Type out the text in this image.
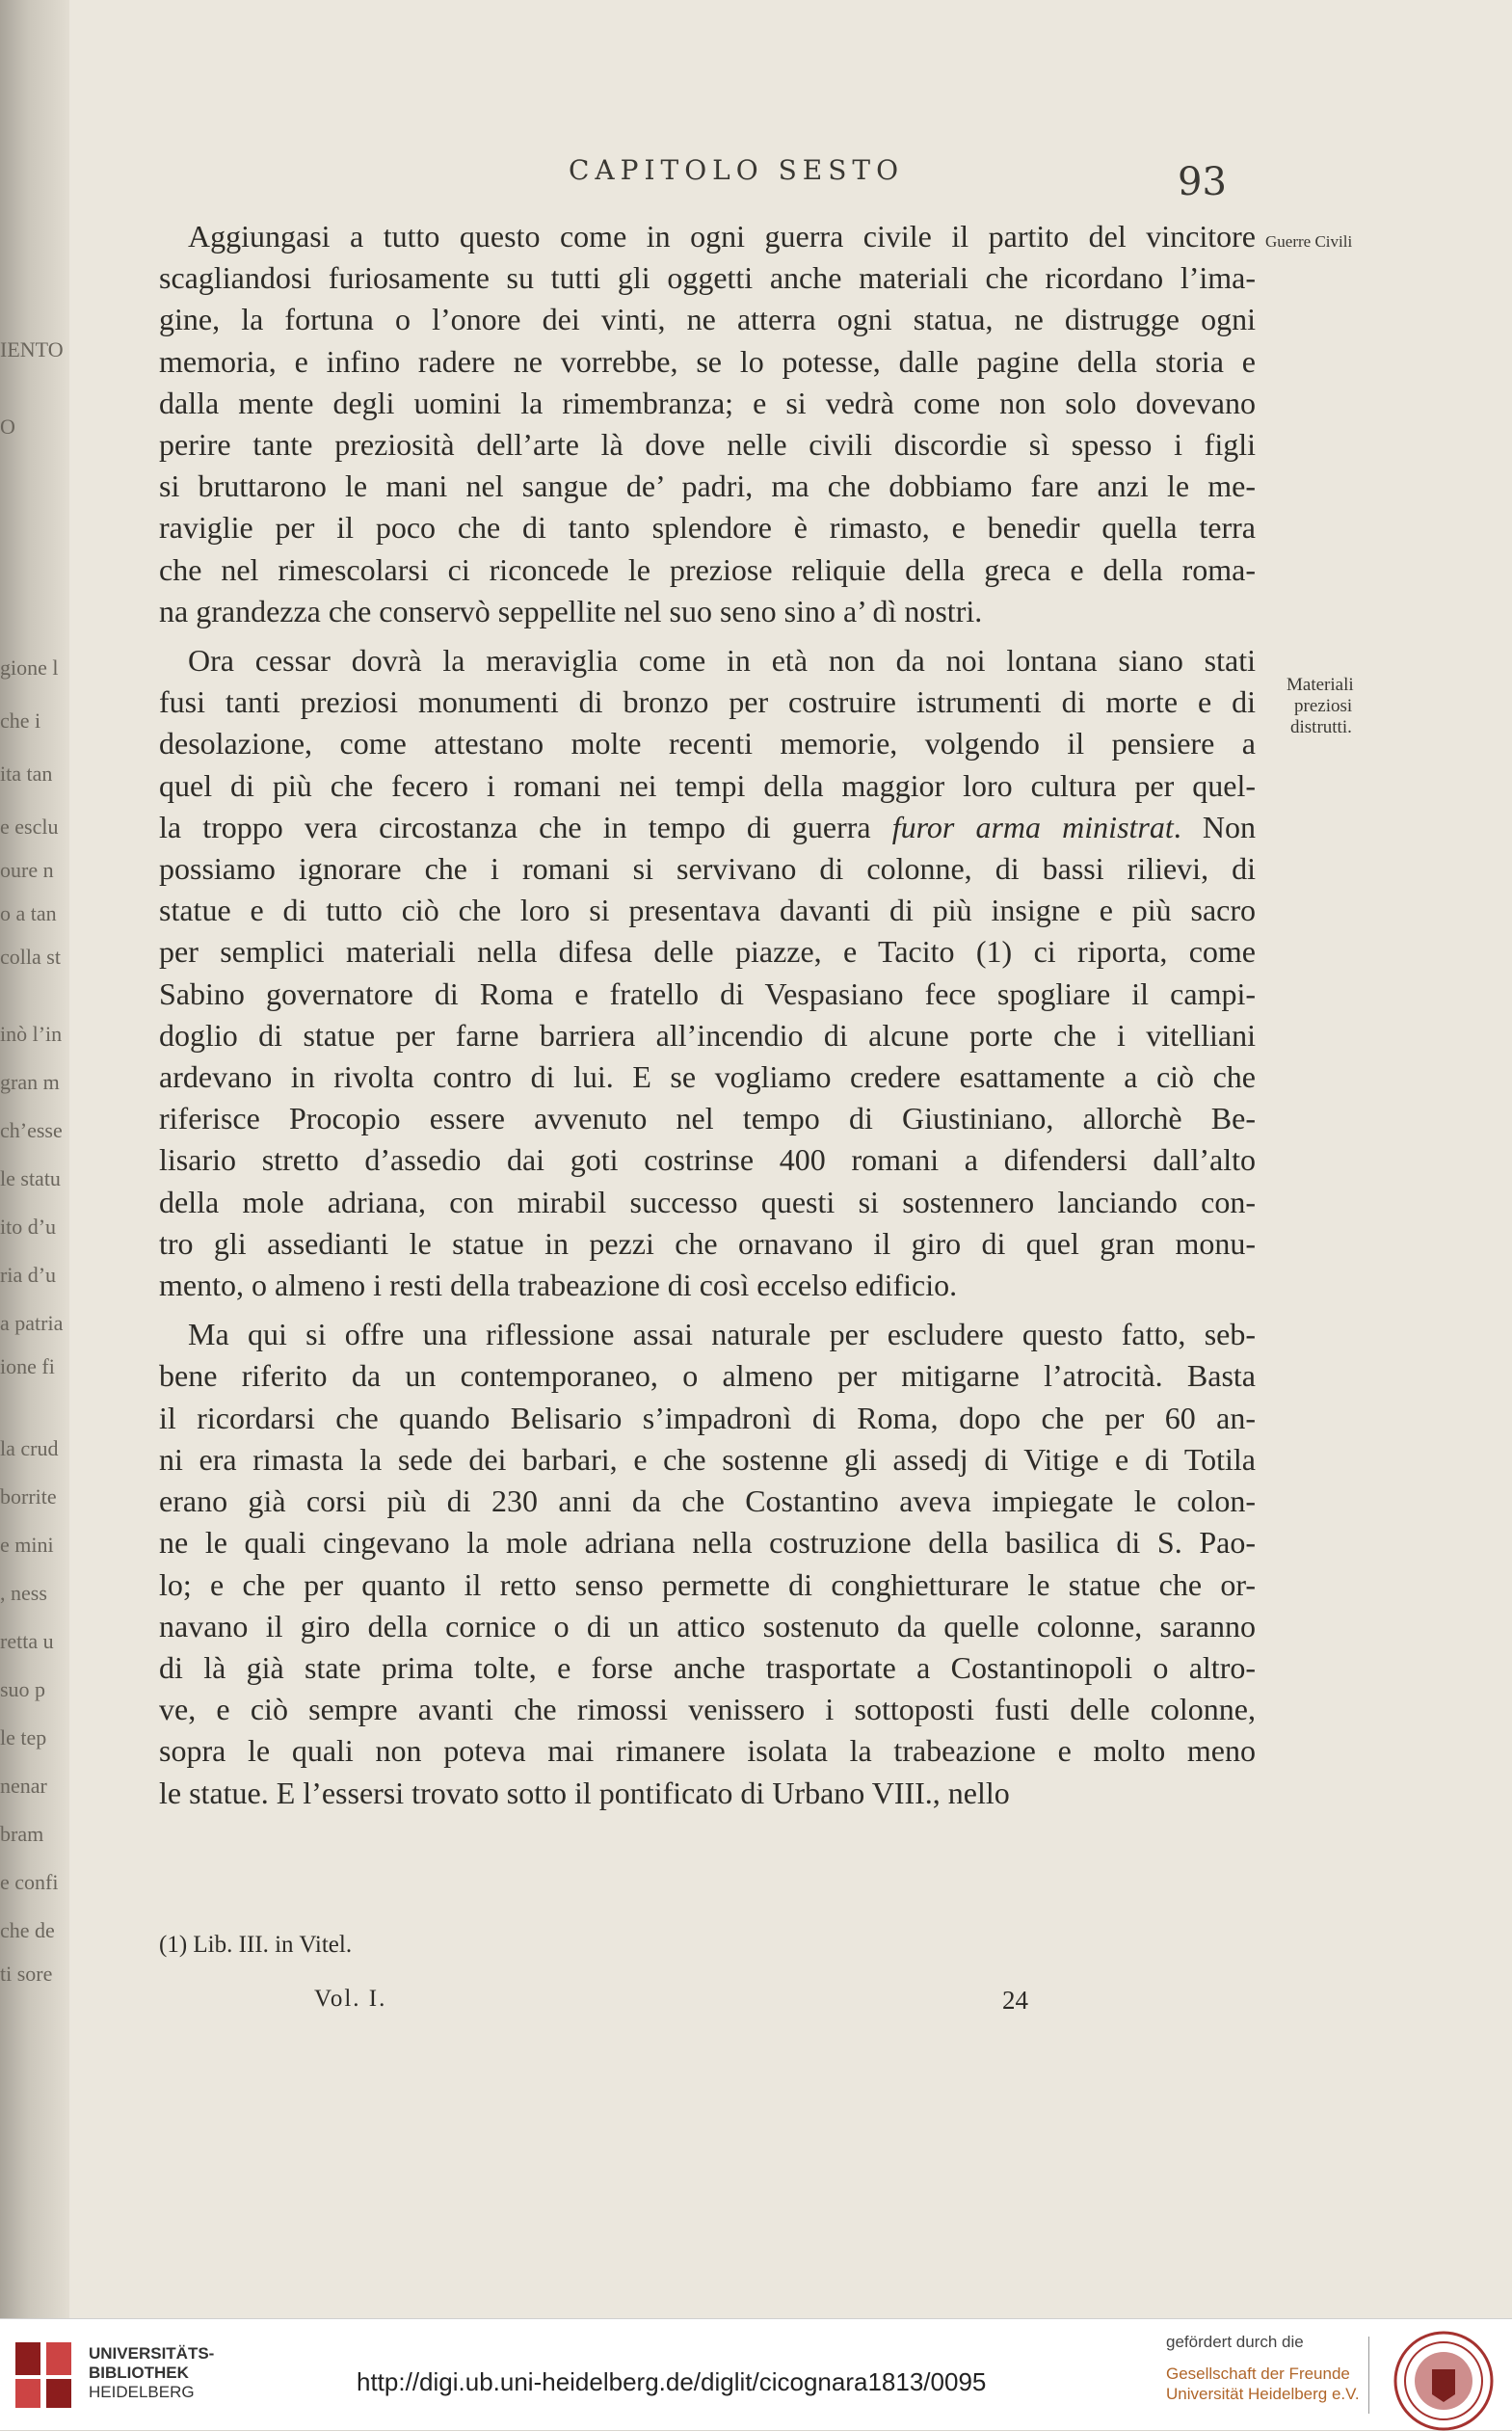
IENTO
O
gione l
che i
ita tan
e esclu
oure n
o a tan
colla st
inò l’in
gran m
ch’esse
le statu
ito d’u
ria d’u
a patria
ione fi
la crud
borrite
e mini
, ness
retta u
suo p
le tep
nenar
bram
e confi
che de
ti sore
CAPITOLO SESTO	93

Aggiungasi a tutto questo come in ogni guerra civile il partito del vincitore
scagliandosi furiosamente su tutti gli oggetti anche materiali che ricordano l’ima-
gine, la fortuna o l’onore dei vinti, ne atterra ogni statua, ne distrugge ogni
memoria, e infino radere ne vorrebbe, se lo potesse, dalle pagine della storia e
dalla mente degli uomini la rimembranza; e si vedrà come non solo dovevano
perire tante preziosità dell’arte là dove nelle civili discordie sì spesso i figli
si bruttarono le mani nel sangue de’ padri, ma che dobbiamo fare anzi le me-
raviglie per il poco che di tanto splendore è rimasto, e benedir quella terra
che nel rimescolarsi ci riconcede le preziose reliquie della greca e della roma-
na grandezza che conservò seppellite nel suo seno sino a’ dì nostri.

Ora cessar dovrà la meraviglia come in età non da noi lontana siano stati
fusi tanti preziosi monumenti di bronzo per costruire istrumenti di morte e di
desolazione, come attestano molte recenti memorie, volgendo il pensiere a
quel di più che fecero i romani nei tempi della maggior loro cultura per quel-
la troppo vera circostanza che in tempo di guerra furor arma ministrat. Non
possiamo ignorare che i romani si servivano di colonne, di bassi rilievi, di
statue e di tutto ciò che loro si presentava davanti di più insigne e più sacro
per semplici materiali nella difesa delle piazze, e Tacito (1) ci riporta, come
Sabino governatore di Roma e fratello di Vespasiano fece spogliare il campi-
doglio di statue per farne barriera all’incendio di alcune porte che i vitelliani
ardevano in rivolta contro di lui. E se vogliamo credere esattamente a ciò che
riferisce Procopio essere avvenuto nel tempo di Giustiniano, allorchè Be-
lisario stretto d’assedio dai goti costrinse 400 romani a difendersi dall’alto
della mole adriana, con mirabil successo questi si sostennero lanciando con-
tro gli assedianti le statue in pezzi che ornavano il giro di quel gran monu-
mento, o almeno i resti della trabeazione di così eccelso edificio.

Ma qui si offre una riflessione assai naturale per escludere questo fatto, seb-
bene riferito da un contemporaneo, o almeno per mitigarne l’atrocità. Basta
il ricordarsi che quando Belisario s’impadronì di Roma, dopo che per 60 an-
ni era rimasta la sede dei barbari, e che sostenne gli assedj di Vitige e di Totila
erano già corsi più di 230 anni da che Costantino aveva impiegate le colon-
ne le quali cingevano la mole adriana nella costruzione della basilica di S. Pao-
lo; e che per quanto il retto senso permette di conghietturare le statue che or-
navano il giro della cornice o di un attico sostenuto da quelle colonne, saranno
di là già state prima tolte, e forse anche trasportate a Costantinopoli o altro-
ve, e ciò sempre avanti che rimossi venissero i sottoposti fusti delle colonne,
sopra le quali non poteva mai rimanere isolata la trabeazione e molto meno
le statue. E l’essersi trovato sotto il pontificato di Urbano VIII., nello

Guerre Civili
Materiali
preziosi
distrutti.
(1) Lib. III. in Vitel.
Vol. I.	24
UNIVERSITÄTS-
BIBLIOTHEK
HEIDELBERG	http://digi.ub.uni-heidelberg.de/diglit/cicognara1813/0095
gefördert durch die
Gesellschaft der Freunde
Universität Heidelberg e.V.
